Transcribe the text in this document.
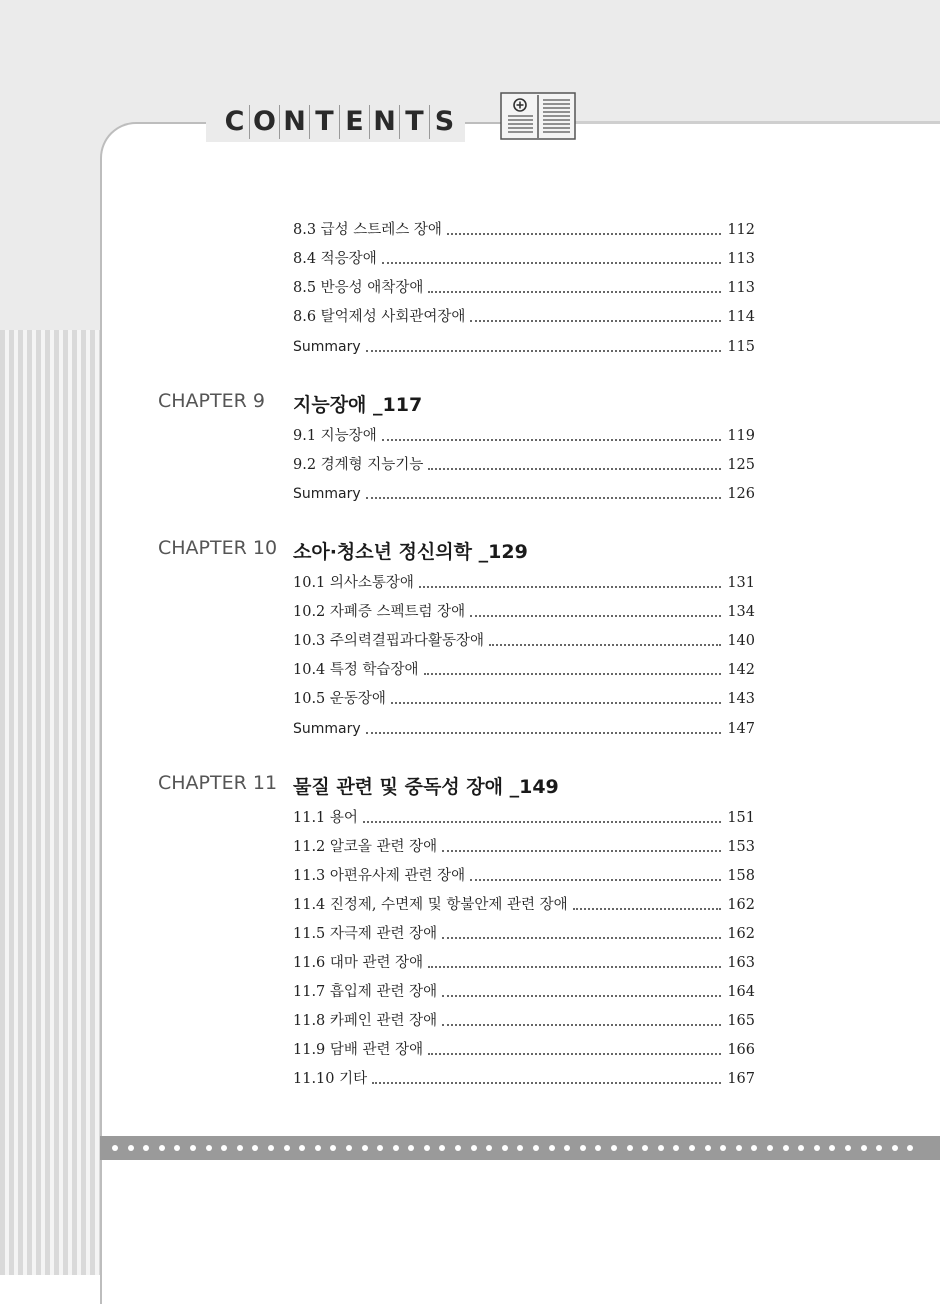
C O N T E N T S
8.3 급성 스트레스 장애	112
8.4 적응장애	113
8.5 반응성 애착장애	113
8.6 탈억제성 사회관여장애	114
Summary	115
CHAPTER 9	지능장애 _117
9.1 지능장애	119
9.2 경계형 지능기능	125
Summary	126
CHAPTER 10 소아·청소년 정신의학 _129
10.1 의사소통장애	131
10.2 자폐증 스펙트럼 장애	134
10.3 주의력결핍과다활동장애	140
10.4 특정 학습장애	142
10.5 운동장애	143
Summary	147
CHAPTER 11 물질 관련 및 중독성 장애 _149
11.1 용어	151
11.2 알코올 관련 장애	153
11.3 아편유사제 관련 장애	158
11.4 진정제, 수면제 및 항불안제 관련 장애	162
11.5 자극제 관련 장애	162
11.6 대마 관련 장애	163
11.7 흡입제 관련 장애	164
11.8 카페인 관련 장애	165
11.9 담배 관련 장애	166
11.10 기타	167
